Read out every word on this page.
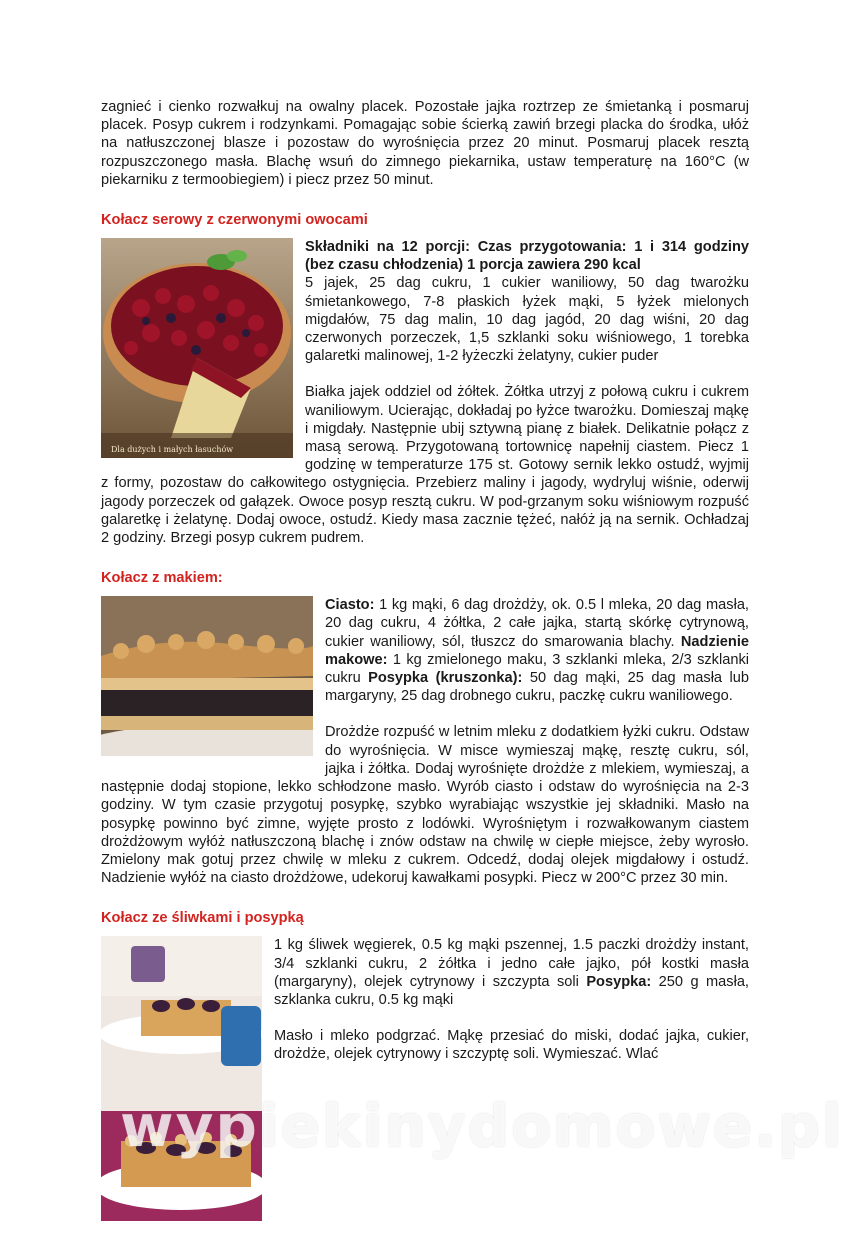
zagnieć i cienko rozwałkuj na owalny placek. Pozostałe jajka roztrzep ze śmietanką i posmaruj placek. Posyp cukrem i rodzynkami. Pomagając sobie ścierką zawiń brzegi placka do środka, ułóż na natłuszczonej blasze i pozostaw do wyrośnięcia przez 20 minut. Posmaruj placek resztą rozpuszczonego masła. Blachę wsuń do zimnego piekarnika, ustaw temperaturę na 160°C (w piekarniku z termoobiegiem) i piecz przez 50 minut.

Kołacz serowy z czerwonymi owocami
Dla dużych i małych łasuchów

Składniki na 12 porcji: Czas przygotowania: 1 i 314 godziny (bez czasu chłodzenia) 1 porcja zawiera 290 kcal
5 jajek, 25 dag cukru, 1 cukier waniliowy, 50 dag twarożku śmietankowego, 7-8 płaskich łyżek mąki, 5 łyżek mielonych migdałów, 75 dag malin, 10 dag jagód, 20 dag wiśni, 20 dag czerwonych porzeczek, 1,5 szklanki soku wiśniowego, 1 torebka galaretki malinowej, 1-2 łyżeczki żelatyny, cukier puder

Białka jajek oddziel od żółtek. Żółtka utrzyj z połową cukru i cukrem waniliowym. Ucierając, dokładaj po łyżce twarożku. Domieszaj mąkę i migdały. Następnie ubij sztywną pianę z białek. Delikatnie połącz z masą serową. Przygotowaną tortownicę napełnij ciastem. Piecz 1 godzinę w temperaturze 175 st. Gotowy sernik lekko ostudź, wyjmij z formy, pozostaw do całkowitego ostygnięcia. Przebierz maliny i jagody, wydryluj wiśnie, oderwij jagody porzeczek od gałązek. Owoce posyp resztą cukru. W pod-grzanym soku wiśniowym rozpuść galaretkę i żelatynę. Dodaj owoce, ostudź. Kiedy masa zacznie tężeć, nałóż ją na sernik. Ochładzaj 2 godziny. Brzegi posyp cukrem pudrem.

Kołacz z makiem:

Ciasto: 1 kg mąki, 6 dag drożdży, ok. 0.5 l mleka, 20 dag masła, 20 dag cukru, 4 żółtka, 2 całe jajka, startą skórkę cytrynową, cukier waniliowy, sól, tłuszcz do smarowania blachy. Nadzienie makowe: 1 kg zmielonego maku, 3 szklanki mleka, 2/3 szklanki cukru Posypka (kruszonka): 50 dag mąki, 25 dag masła lub margaryny, 25 dag drobnego cukru, paczkę cukru waniliowego.

Drożdże rozpuść w letnim mleku z dodatkiem łyżki cukru. Odstaw do wyrośnięcia. W misce wymieszaj mąkę, resztę cukru, sól, jajka i żółtka. Dodaj wyrośnięte drożdże z mlekiem, wymieszaj, a następnie dodaj stopione, lekko schłodzone masło. Wyrób ciasto i odstaw do wyrośnięcia na 2-3 godziny. W tym czasie przygotuj posypkę, szybko wyrabiając wszystkie jej składniki. Masło na posypkę powinno być zimne, wyjęte prosto z lodówki. Wyrośniętym i rozwałkowanym ciastem drożdżowym wyłóż natłuszczoną blachę i znów odstaw na chwilę w ciepłe miejsce, żeby wyrosło. Zmielony mak gotuj przez chwilę w mleku z cukrem. Odcedź, dodaj olejek migdałowy i ostudź. Nadzienie wyłóż na ciasto drożdżowe, udekoruj kawałkami posypki. Piecz w 200°C przez 30 min.

Kołacz ze śliwkami i posypką

1 kg śliwek węgierek, 0.5 kg mąki pszennej, 1.5 paczki drożdży instant, 3/4 szklanki cukru, 2 żółtka i jedno całe jajko, pół kostki masła (margaryny), olejek cytrynowy i szczypta soli Posypka: 250 g masła, szklanka cukru, 0.5 kg mąki

Masło i mleko podgrzać. Mąkę przesiać do miski, dodać jajka, cukier, drożdże, olejek cytrynowy i szczyptę soli. Wymieszać. Wlać

wypiekinydomowe.pl
